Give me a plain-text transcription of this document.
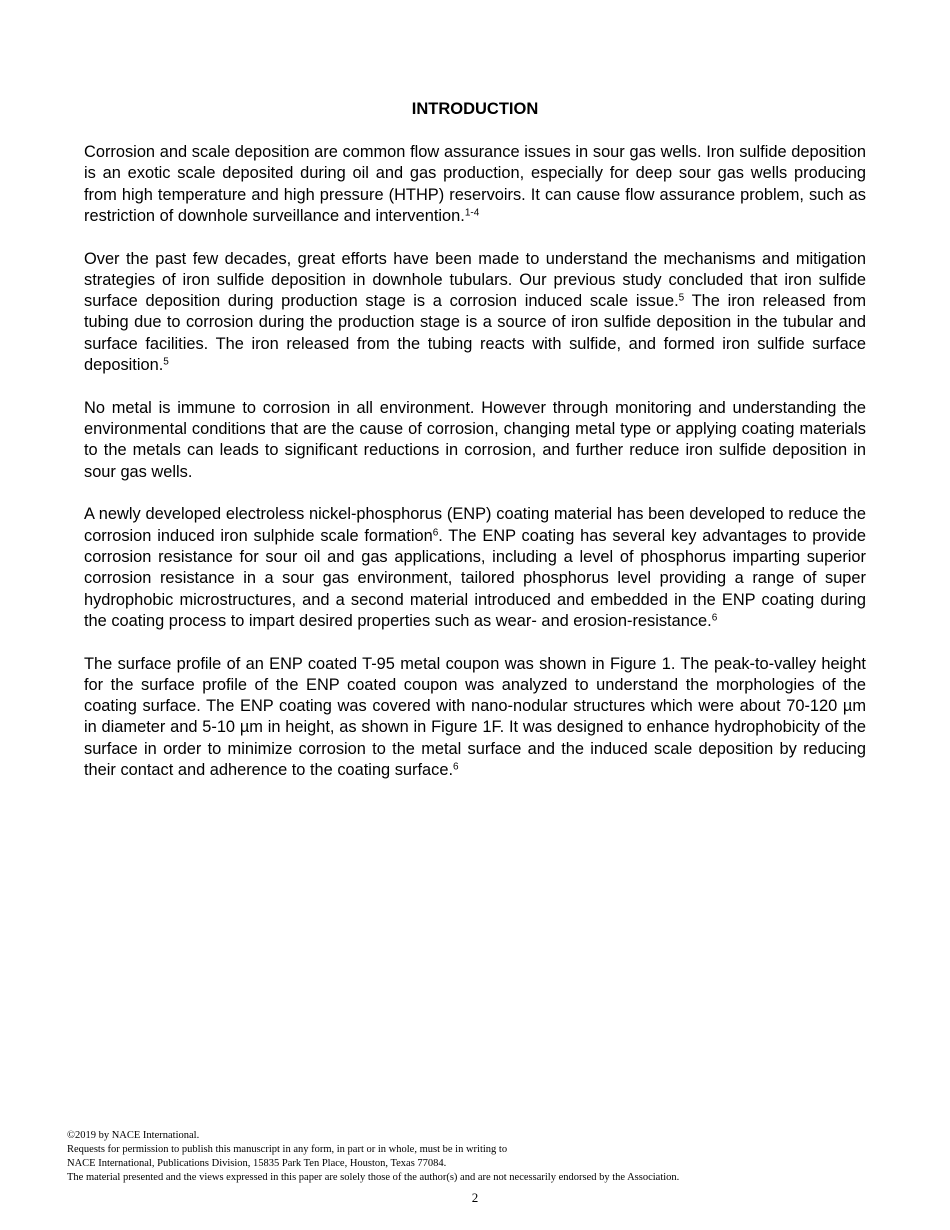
INTRODUCTION

Corrosion and scale deposition are common flow assurance issues in sour gas wells. Iron sulfide deposition is an exotic scale deposited during oil and gas production, especially for deep sour gas wells producing from high temperature and high pressure (HTHP) reservoirs. It can cause flow assurance problem, such as restriction of downhole surveillance and intervention.$^{1-4}$

Over the past few decades, great efforts have been made to understand the mechanisms and mitigation strategies of iron sulfide deposition in downhole tubulars. Our previous study concluded that iron sulfide surface deposition during production stage is a corrosion induced scale issue.$^5$ The iron released from tubing due to corrosion during the production stage is a source of iron sulfide deposition in the tubular and surface facilities. The iron released from the tubing reacts with sulfide, and formed iron sulfide surface deposition.$^5$

No metal is immune to corrosion in all environment. However through monitoring and understanding the environmental conditions that are the cause of corrosion, changing metal type or applying coating materials to the metals can leads to significant reductions in corrosion, and further reduce iron sulfide deposition in sour gas wells.

A newly developed electroless nickel-phosphorus (ENP) coating material has been developed to reduce the corrosion induced iron sulphide scale formation$^6$. The ENP coating has several key advantages to provide corrosion resistance for sour oil and gas applications, including a level of phosphorus imparting superior corrosion resistance in a sour gas environment, tailored phosphorus level providing a range of super hydrophobic microstructures, and a second material introduced and embedded in the ENP coating during the coating process to impart desired properties such as wear- and erosion-resistance.$^6$

The surface profile of an ENP coated T-95 metal coupon was shown in Figure 1. The peak-to-valley height for the surface profile of the ENP coated coupon was analyzed to understand the morphologies of the coating surface. The ENP coating was covered with nano-nodular structures which were about 70-120 µm in diameter and 5-10 µm in height, as shown in Figure 1F. It was designed to enhance hydrophobicity of the surface in order to minimize corrosion to the metal surface and the induced scale deposition by reducing their contact and adherence to the coating surface.$^6$

©2019 by NACE International.
Requests for permission to publish this manuscript in any form, in part or in whole, must be in writing to
NACE International, Publications Division, 15835 Park Ten Place, Houston, Texas 77084.
The material presented and the views expressed in this paper are solely those of the author(s) and are not necessarily endorsed by the Association.
2
